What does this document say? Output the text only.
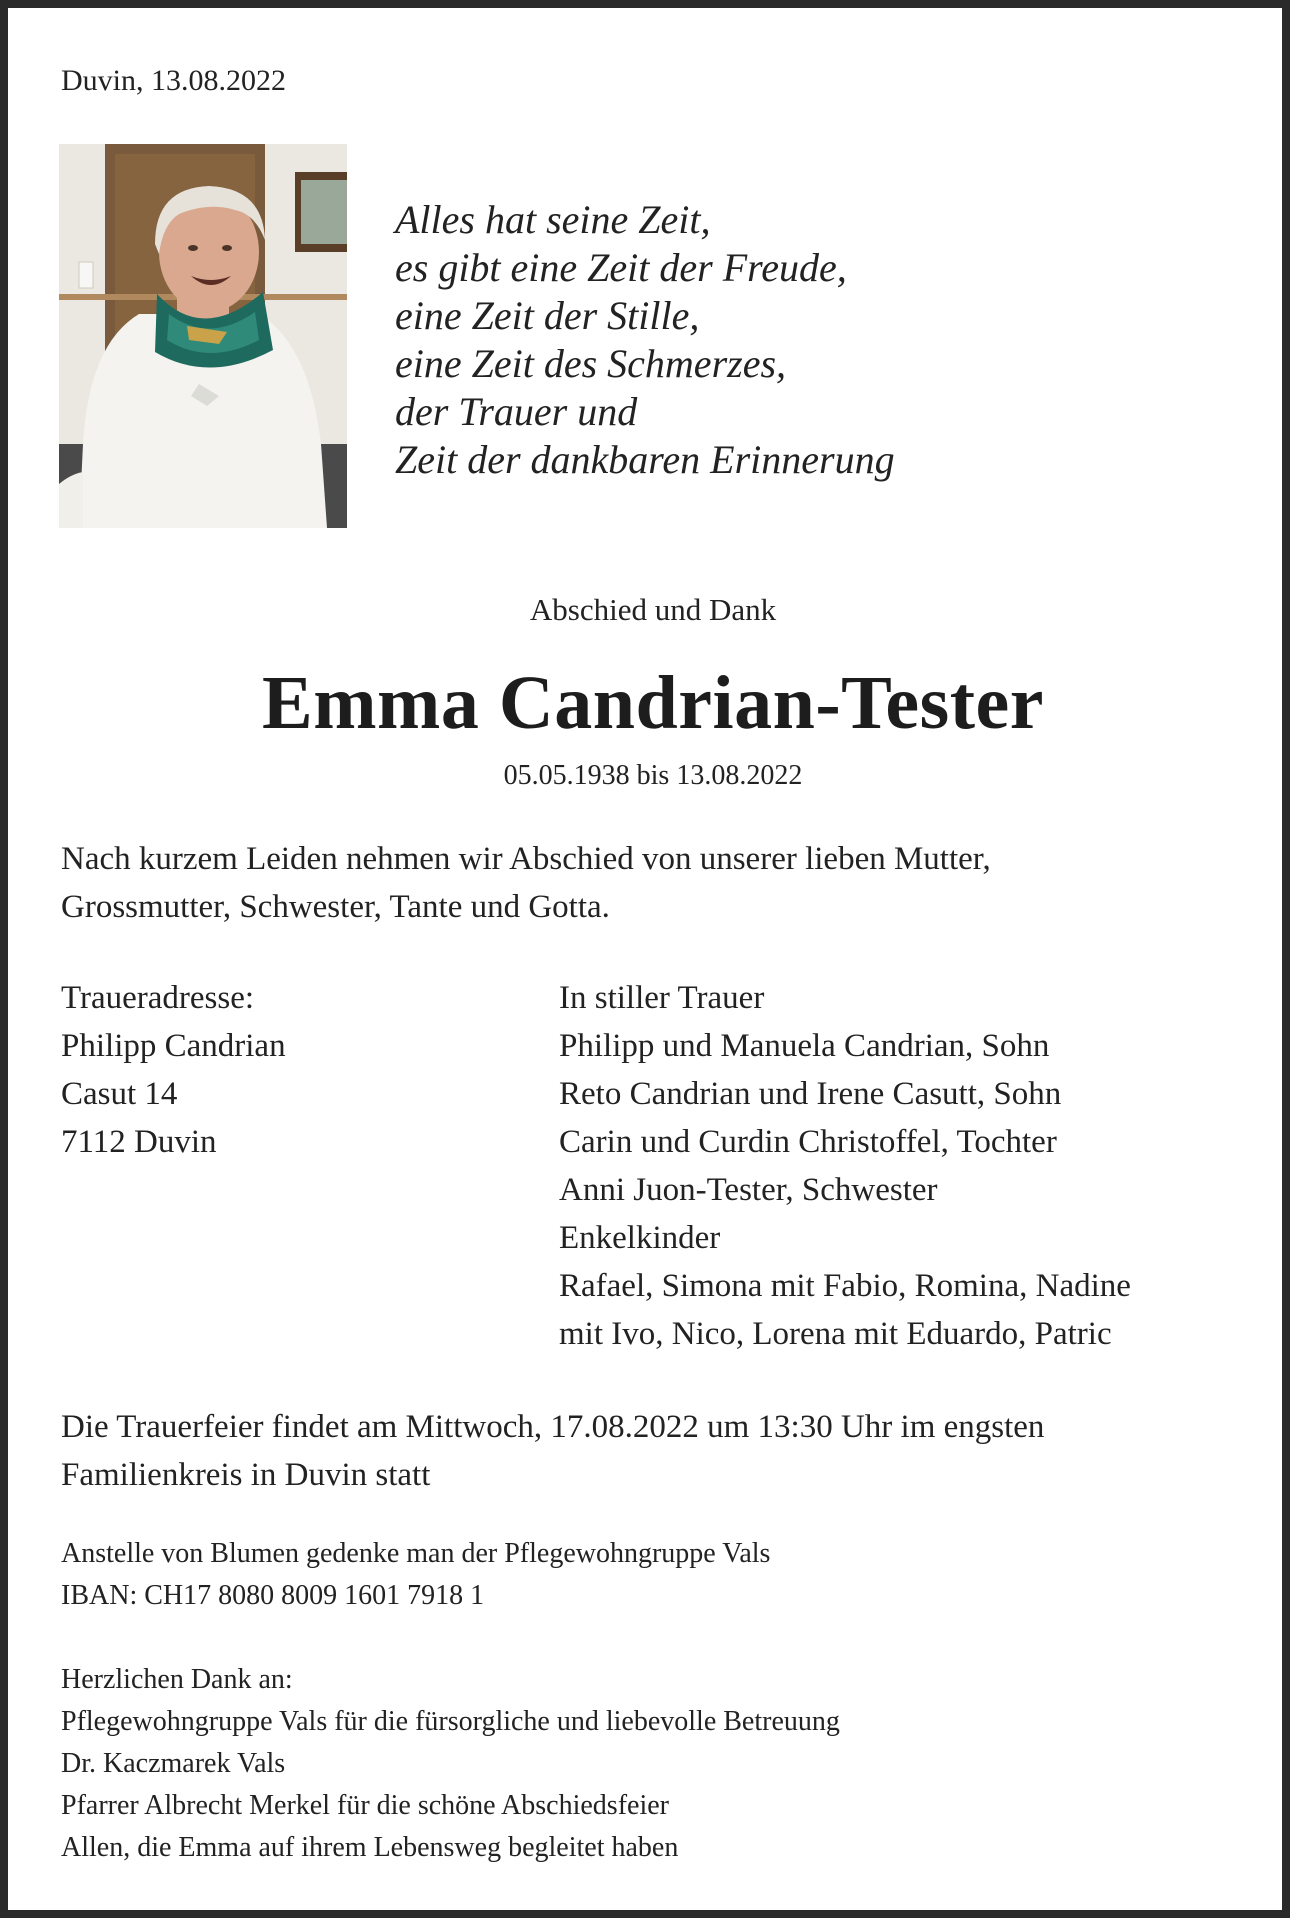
Duvin, 13.08.2022
Alles hat seine Zeit,
es gibt eine Zeit der Freude,
eine Zeit der Stille,
eine Zeit des Schmerzes,
der Trauer und
Zeit der dankbaren Erinnerung
Abschied und Dank
Emma Candrian-Tester
05.05.1938 bis 13.08.2022
Nach kurzem Leiden nehmen wir Abschied von unserer lieben Mutter,
Grossmutter, Schwester, Tante und Gotta.
Traueradresse:
Philipp Candrian
Casut 14
7112 Duvin
In stiller Trauer
Philipp und Manuela Candrian, Sohn
Reto Candrian und Irene Casutt, Sohn
Carin und Curdin Christoffel, Tochter
Anni Juon-Tester, Schwester
Enkelkinder
Rafael, Simona mit Fabio, Romina, Nadine
mit Ivo, Nico, Lorena mit Eduardo, Patric
Die Trauerfeier findet am Mittwoch, 17.08.2022 um 13:30 Uhr im engsten
Familienkreis in Duvin statt
Anstelle von Blumen gedenke man der Pflegewohngruppe Vals
IBAN: CH17 8080 8009 1601 7918 1
Herzlichen Dank an:
Pflegewohngruppe Vals für die fürsorgliche und liebevolle Betreuung
Dr. Kaczmarek Vals
Pfarrer Albrecht Merkel für die schöne Abschiedsfeier
Allen, die Emma auf ihrem Lebensweg begleitet haben
